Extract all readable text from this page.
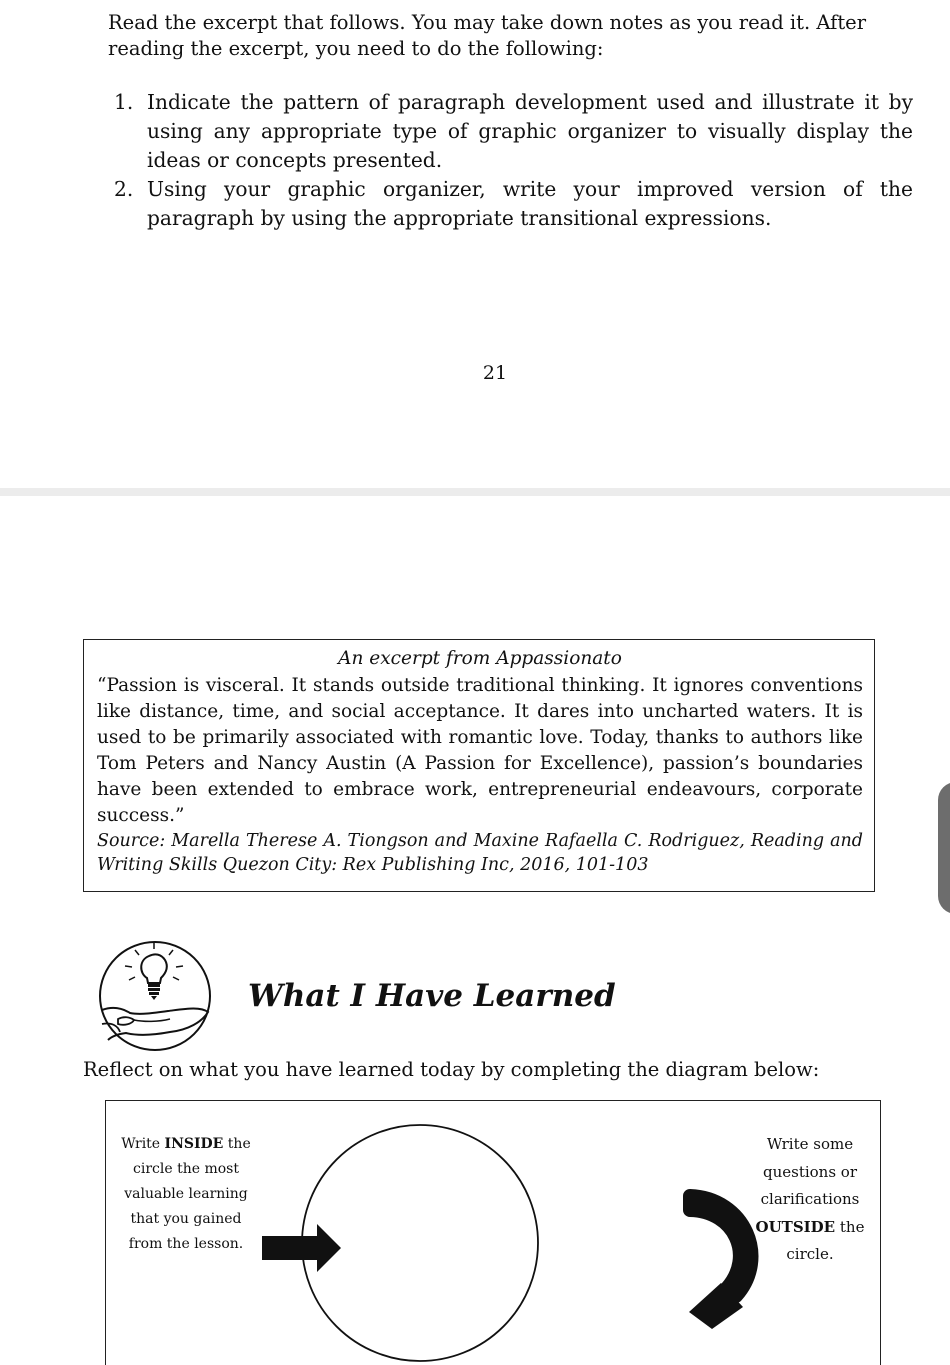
Read the excerpt that follows. You may take down notes as you read it. After reading the excerpt, you need to do the following:
1. Indicate the pattern of paragraph development used and illustrate it by using any appropriate type of graphic organizer to visually display the ideas or concepts presented.
2. Using your graphic organizer, write your improved version of the paragraph by using the appropriate transitional expressions.
21
An excerpt from Appassionato
“Passion is visceral. It stands outside traditional thinking. It ignores conventions like distance, time, and social acceptance. It dares into uncharted waters. It is used to be primarily associated with romantic love. Today, thanks to authors like Tom Peters and Nancy Austin (A Passion for Excellence), passion’s boundaries have been extended to embrace work, entrepreneurial endeavours, corporate success.”
Source: Marella Therese A. Tiongson and Maxine Rafaella C. Rodriguez, Reading and Writing Skills Quezon City: Rex Publishing Inc, 2016, 101-103
What I Have Learned
Reflect on what you have learned today by completing the diagram below:
Write INSIDE the circle the most valuable learning that you gained from the lesson.
Write some questions or clarifications OUTSIDE the circle.
